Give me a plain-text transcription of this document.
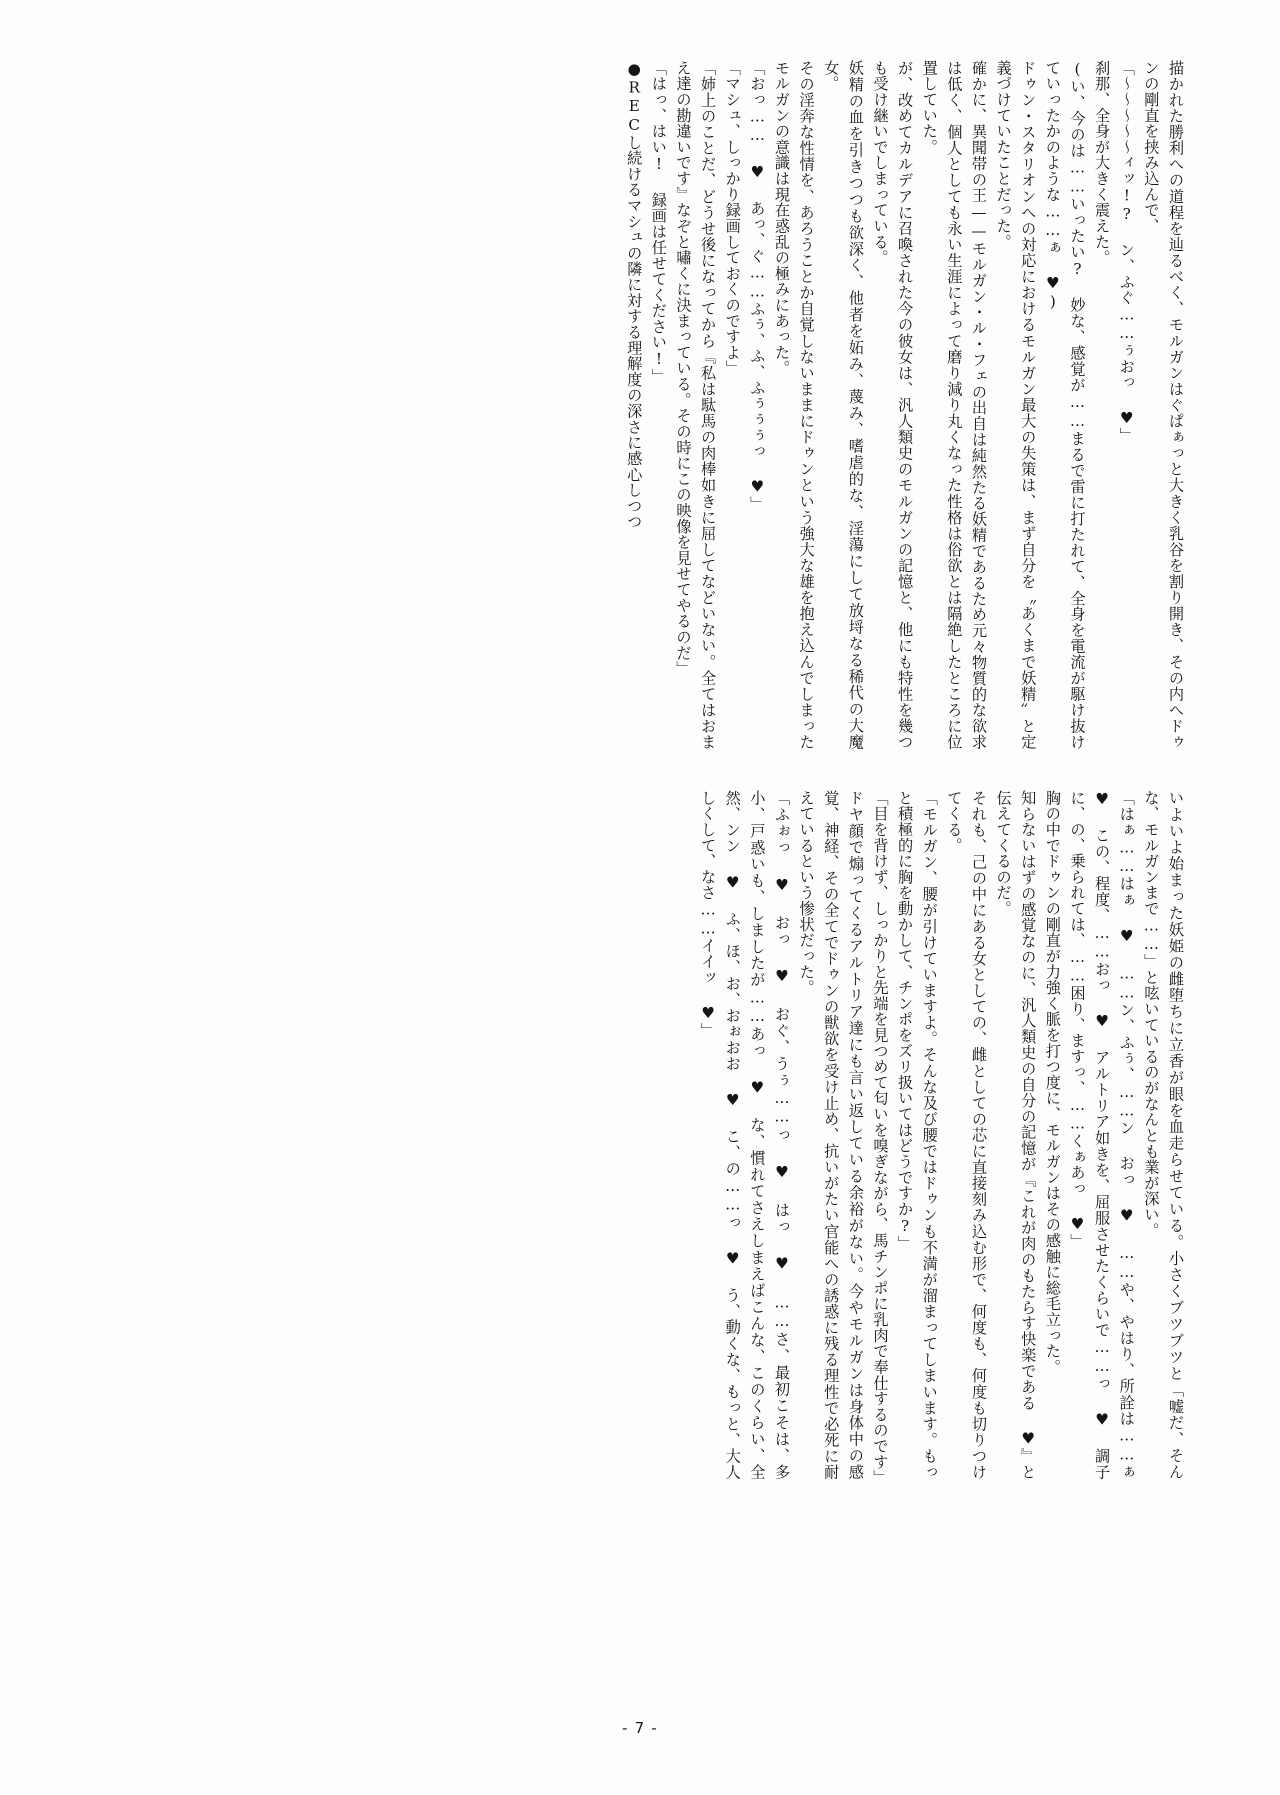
描かれた勝利への道程を辿るべく、モルガンはぐぱぁっと大きく乳谷を割り開き、その内へドゥンの剛直を挟み込んで、

「〜〜〜〜〜ィッ!? ン、ふぐ……ぅおっ ♥」

刹那、全身が大きく震えた。

(い、今のは……いったい? 妙な、感覚が……まるで雷に打たれて、全身を電流が駆け抜けていったかのような……ぁ ♥)

ドゥン・スタリオンへの対応におけるモルガン最大の失策は、まず自分を〝あくまで妖精〟と定義づけていたことだった。

確かに、異聞帯の王——モルガン・ル・フェの出自は純然たる妖精であるため元々物質的な欲求は低く、個人としても永い生涯によって磨り減り丸くなった性格は俗欲とは隔絶したところに位置していた。

が、改めてカルデアに召喚された今の彼女は、汎人類史のモルガンの記憶と、他にも特性を幾つも受け継いでしまっている。

妖精の血を引きつつも欲深く、他者を妬み、蔑み、嗜虐的な、淫蕩にして放埒なる稀代の大魔女。

その淫奔な性情を、あろうことか自覚しないままにドゥンという強大な雄を抱え込んでしまったモルガンの意識は現在惑乱の極みにあった。

「おっ…… ♥ あっ、ぐ……ふぅ、ふ、ふぅぅぅっ ♥」

「マシュ、しっかり録画しておくのですよ」

「姉上のことだ、どうせ後になってから『私は駄馬の肉棒如きに屈してなどいない。全てはおまえ達の勘違いです』なぞと嘯くに決まっている。その時にこの映像を見せてやるのだ」

「はっ、はい! 録画は任せてください!」

●RECし続けるマシュの隣に対する理解度の深さに感心しつつ

いよいよ始まった妖姫の雌堕ちに立香が眼を血走らせている。小さくブツブツと「嘘だ、そんな、モルガンまで……」と呟いているのがなんとも業が深い。

「はぁ……はぁ ♥ ……ン、ふぅ、……ン おっ ♥ ……や、やはり、所詮は……ぁ ♥ この、程度、……おっ ♥ アルトリア如きを、屈服させたくらいで……っ ♥ 調子に、の、乗られては、……困り、ますっ、……くぁあっ ♥」

胸の中でドゥンの剛直が力強く脈を打つ度に、モルガンはその感触に総毛立った。

知らないはずの感覚なのに、汎人類史の自分の記憶が『これが肉のもたらす快楽である ♥』と伝えてくるのだ。

それも、己の中にある女としての、雌としての芯に直接刻み込む形で、何度も、何度も切りつけてくる。

「モルガン、腰が引けていますよ。そんな及び腰ではドゥンも不満が溜まってしまいます。もっと積極的に胸を動かして、チンポをズリ扱いてはどうですか?」

「目を背けず、しっかりと先端を見つめて匂いを嗅ぎながら、馬チンポに乳肉で奉仕するのです」

ドヤ顔で煽ってくるアルトリア達にも言い返している余裕がない。今やモルガンは身体中の感覚、神経、その全てでドゥンの獣欲を受け止め、抗いがたい官能への誘惑に残る理性で必死に耐えているという惨状だった。

「ふぉっ ♥ おっ ♥ おぐ、うぅ……っ ♥ はっ ♥ ……さ、最初こそは、多小、戸惑いも、しましたが……あっ ♥ な、慣れてさえしまえばこんな、このくらい、全然、ンン ♥ ふ、ほ、お、おぉおお ♥ こ、の……っ ♥ う、動くな、もっと、大人しくして、なさ……イイッ ♥」

- 7 -
